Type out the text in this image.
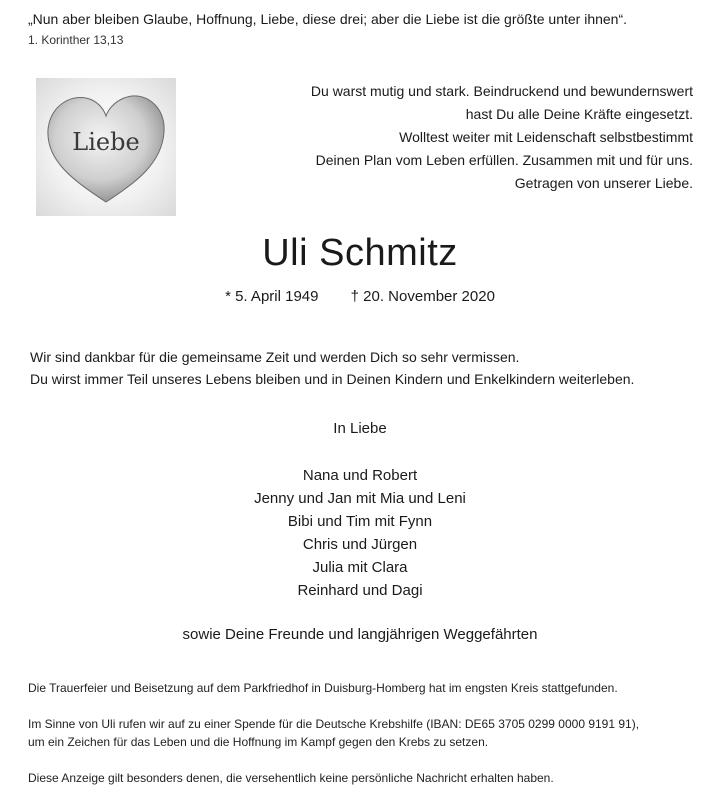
„Nun aber bleiben Glaube, Hoffnung, Liebe, diese drei; aber die Liebe ist die größte unter ihnen“.
1. Korinther 13,13
Liebe
Du warst mutig und stark. Beindruckend und bewundernswert
hast Du alle Deine Kräfte eingesetzt.
Wolltest weiter mit Leidenschaft selbstbestimmt
Deinen Plan vom Leben erfüllen. Zusammen mit und für uns.
Getragen von unserer Liebe.
Uli Schmitz
* 5. April 1949 † 20. November 2020
Wir sind dankbar für die gemeinsame Zeit und werden Dich so sehr vermissen.
Du wirst immer Teil unseres Lebens bleiben und in Deinen Kindern und Enkelkindern weiterleben.
In Liebe
Nana und Robert
Jenny und Jan mit Mia und Leni
Bibi und Tim mit Fynn
Chris und Jürgen
Julia mit Clara
Reinhard und Dagi
sowie Deine Freunde und langjährigen Weggefährten
Die Trauerfeier und Beisetzung auf dem Parkfriedhof in Duisburg-Homberg hat im engsten Kreis stattgefunden.
Im Sinne von Uli rufen wir auf zu einer Spende für die Deutsche Krebshilfe (IBAN: DE65 3705 0299 0000 9191 91),
um ein Zeichen für das Leben und die Hoffnung im Kampf gegen den Krebs zu setzen.
Diese Anzeige gilt besonders denen, die versehentlich keine persönliche Nachricht erhalten haben.
